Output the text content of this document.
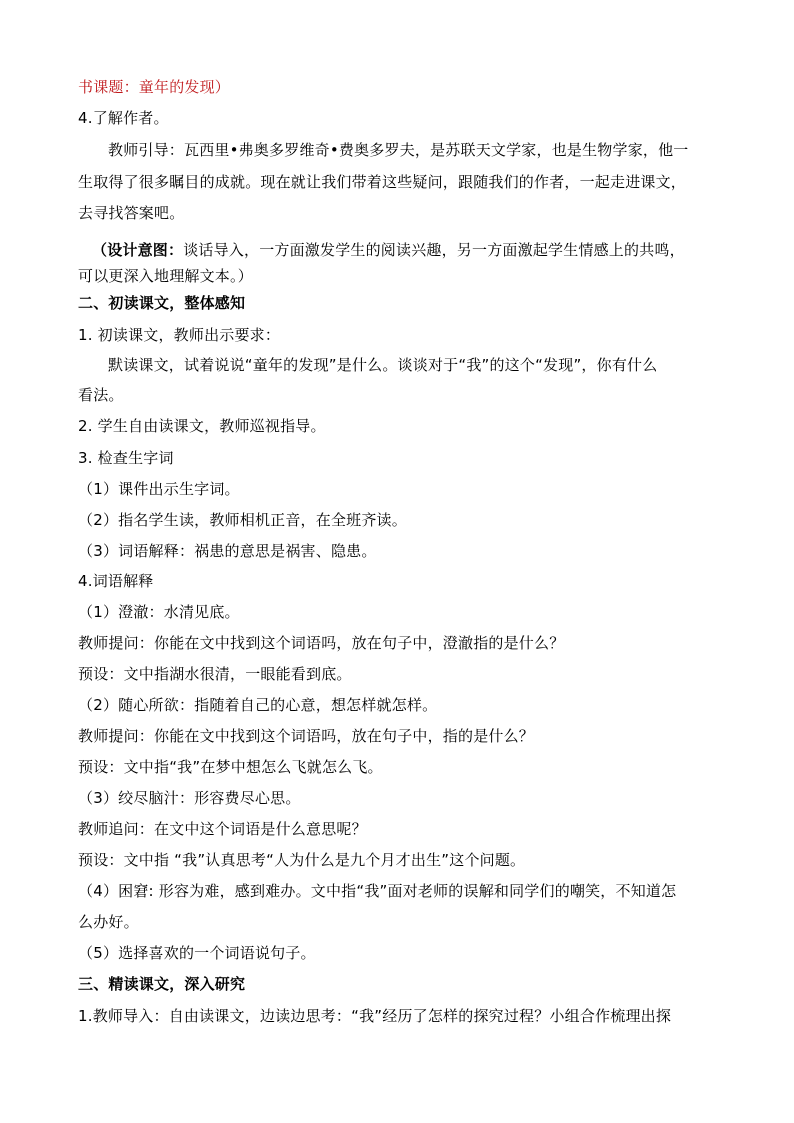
书课题：童年的发现）
4.了解作者。
教师引导：瓦西里•弗奥多罗维奇•费奥多罗夫，是苏联天文学家，也是生物学家，他一
生取得了很多瞩目的成就。现在就让我们带着这些疑问，跟随我们的作者，一起走进课文，
去寻找答案吧。
（设计意图：谈话导入，一方面激发学生的阅读兴趣，另一方面激起学生情感上的共鸣，
可以更深入地理解文本。）
二、初读课文，整体感知
1. 初读课文，教师出示要求：
默读课文，试着说说“童年的发现”是什么。谈谈对于“我”的这个“发现”，你有什么
看法。
2. 学生自由读课文，教师巡视指导。
3. 检查生字词
（1）课件出示生字词。
（2）指名学生读，教师相机正音，在全班齐读。
（3）词语解释：祸患的意思是祸害、隐患。
4.词语解释
（1）澄澈：水清见底。
教师提问：你能在文中找到这个词语吗，放在句子中，澄澈指的是什么？
预设：文中指湖水很清，一眼能看到底。
（2）随心所欲：指随着自己的心意，想怎样就怎样。
教师提问：你能在文中找到这个词语吗，放在句子中，指的是什么？
预设：文中指“我”在梦中想怎么飞就怎么飞。
（3）绞尽脑汁：形容费尽心思。
教师追问：在文中这个词语是什么意思呢？
预设：文中指 “我”认真思考“人为什么是九个月才出生”这个问题。
（4）困窘: 形容为难，感到难办。文中指“我”面对老师的误解和同学们的嘲笑，不知道怎
么办好。
（5）选择喜欢的一个词语说句子。
三、精读课文，深入研究
1.教师导入：自由读课文，边读边思考：“我”经历了怎样的探究过程？小组合作梳理出探
